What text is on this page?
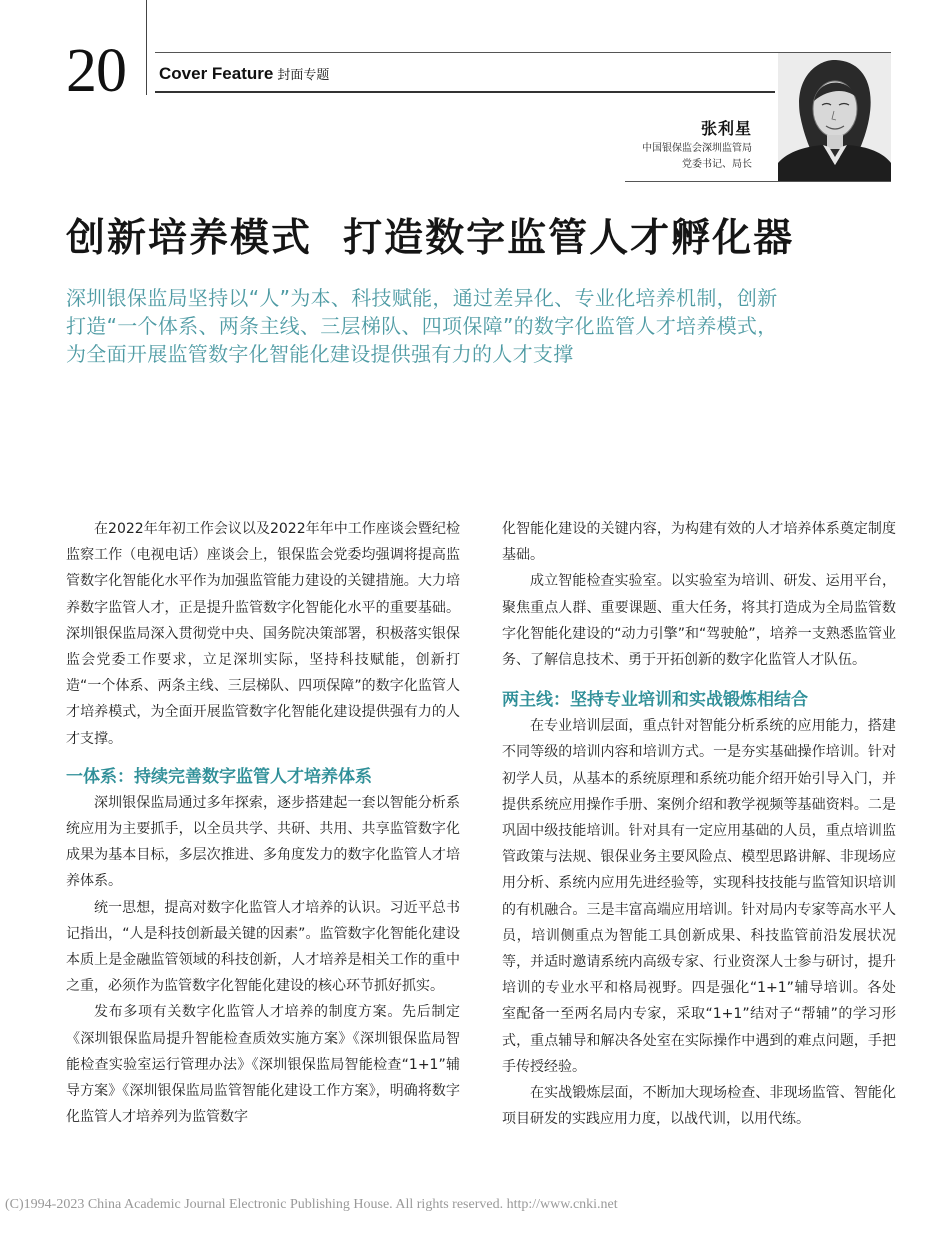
20 Cover Feature 封面专题
张利星
中国银保监会深圳监管局
党委书记、局长
创新培养模式  打造数字监管人才孵化器
深圳银保监局坚持以“人”为本、科技赋能，通过差异化、专业化培养机制，创新
打造“一个体系、两条主线、三层梯队、四项保障”的数字化监管人才培养模式，
为全面开展监管数字化智能化建设提供强有力的人才支撑

在2022年年初工作会议以及2022年年中工作座谈会暨纪检监察工作（电视电话）座谈会上，银保监会党委均强调将提高监管数字化智能化水平作为加强监管能力建设的关键措施。大力培养数字监管人才，正是提升监管数字化智能化水平的重要基础。深圳银保监局深入贯彻党中央、国务院决策部署，积极落实银保监会党委工作要求，立足深圳实际，坚持科技赋能，创新打造“一个体系、两条主线、三层梯队、四项保障”的数字化监管人才培养模式，为全面开展监管数字化智能化建设提供强有力的人才支撑。

一体系：持续完善数字监管人才培养体系

深圳银保监局通过多年探索，逐步搭建起一套以智能分析系统应用为主要抓手，以全员共学、共研、共用、共享监管数字化成果为基本目标，多层次推进、多角度发力的数字化监管人才培养体系。

统一思想，提高对数字化监管人才培养的认识。习近平总书记指出，“人是科技创新最关键的因素”。监管数字化智能化建设本质上是金融监管领域的科技创新，人才培养是相关工作的重中之重，必须作为监管数字化智能化建设的核心环节抓好抓实。

发布多项有关数字化监管人才培养的制度方案。先后制定《深圳银保监局提升智能检查质效实施方案》《深圳银保监局智能检查实验室运行管理办法》《深圳银保监局智能检查“1+1”辅导方案》《深圳银保监局监管智能化建设工作方案》，明确将数字化监管人才培养列为监管数字

化智能化建设的关键内容，为构建有效的人才培养体系奠定制度基础。

成立智能检查实验室。以实验室为培训、研发、运用平台，聚焦重点人群、重要课题、重大任务，将其打造成为全局监管数字化智能化建设的“动力引擎”和“驾驶舱”，培养一支熟悉监管业务、了解信息技术、勇于开拓创新的数字化监管人才队伍。

两主线：坚持专业培训和实战锻炼相结合

在专业培训层面，重点针对智能分析系统的应用能力，搭建不同等级的培训内容和培训方式。一是夯实基础操作培训。针对初学人员，从基本的系统原理和系统功能介绍开始引导入门，并提供系统应用操作手册、案例介绍和教学视频等基础资料。二是巩固中级技能培训。针对具有一定应用基础的人员，重点培训监管政策与法规、银保业务主要风险点、模型思路讲解、非现场应用分析、系统内应用先进经验等，实现科技技能与监管知识培训的有机融合。三是丰富高端应用培训。针对局内专家等高水平人员，培训侧重点为智能工具创新成果、科技监管前沿发展状况等，并适时邀请系统内高级专家、行业资深人士参与研讨，提升培训的专业水平和格局视野。四是强化“1+1”辅导培训。各处室配备一至两名局内专家，采取“1+1”结对子“帮辅”的学习形式，重点辅导和解决各处室在实际操作中遇到的难点问题，手把手传授经验。

在实战锻炼层面，不断加大现场检查、非现场监管、智能化项目研发的实践应用力度，以战代训，以用代练。

(C)1994-2023 China Academic Journal Electronic Publishing House. All rights reserved. http://www.cnki.net
